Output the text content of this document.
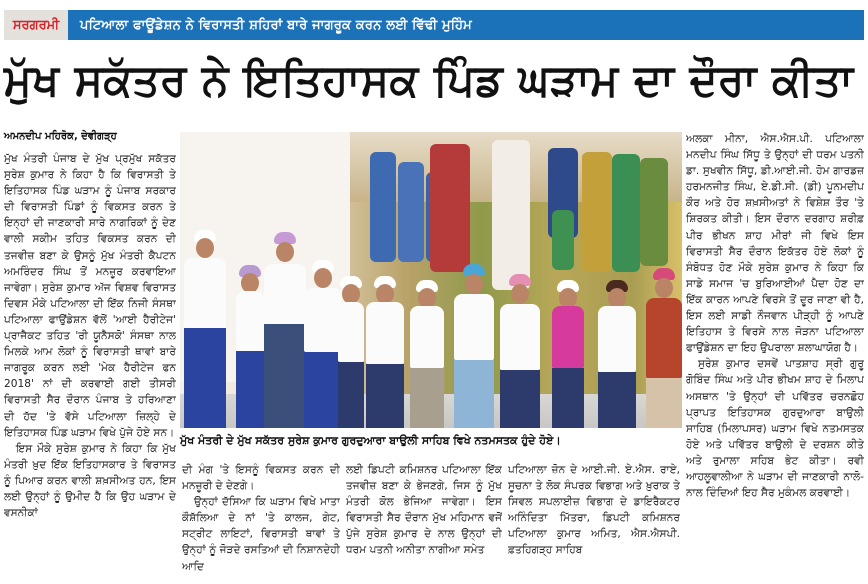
ਸਰਗਰਮੀ	ਪਟਿਆਲਾ ਫਾਊਂਡੇਸ਼ਨ ਨੇ ਵਿਰਾਸਤੀ ਸ਼ਹਿਰਾਂ ਬਾਰੇ ਜਾਗਰੂਕ ਕਰਨ ਲਈ ਵਿੱਢੀ ਮੁਹਿੰਮ
ਮੁੱਖ ਸਕੱਤਰ ਨੇ ਇਤਿਹਾਸਕ ਪਿੰਡ ਘੜਾਮ ਦਾ ਦੌਰਾ ਕੀਤਾ
ਅਮਨਦੀਪ ਮਹਿਰੋਕ, ਦੇਵੀਗੜ੍ਹ

ਮੁੱਖ ਮੰਤਰੀ ਪੰਜਾਬ ਦੇ ਮੁੱਖ ਪ੍ਰਮੁੱਖ ਸਕੱਤਰ ਸੁਰੇਸ਼ ਕੁਮਾਰ ਨੇ ਕਿਹਾ ਹੈ ਕਿ ਵਿਰਾਸਤੀ ਤੇ ਇਤਿਹਾਸਕ ਪਿੰਡ ਘੜਾਮ ਨੂੰ ਪੰਜਾਬ ਸਰਕਾਰ ਦੀ ਵਿਰਾਸਤੀ ਪਿੰਡਾਂ ਨੂੰ ਵਿਕਸਤ ਕਰਨ ਤੇ ਇਨ੍ਹਾਂ ਦੀ ਜਾਣਕਾਰੀ ਸਾਰੇ ਨਾਗਰਿਕਾਂ ਨੂੰ ਦੇਣ ਵਾਲੀ ਸਕੀਮ ਤਹਿਤ ਵਿਕਸਤ ਕਰਨ ਦੀ ਤਜਵੀਜ਼ ਬਣਾ ਕੇ ਉਸਨੂੰ ਮੁੱਖ ਮੰਤਰੀ ਕੈਪਟਨ ਅਮਰਿੰਦਰ ਸਿੰਘ ਤੋਂ ਮਨਜ਼ੂਰ ਕਰਵਾਇਆ ਜਾਵੇਗਾ। ਸੁਰੇਸ਼ ਕੁਮਾਰ ਅੱਜ ਵਿਸ਼ਵ ਵਿਰਾਸਤ ਦਿਵਸ ਮੌਕੇ ਪਟਿਆਲਾ ਦੀ ਇੱਕ ਨਿਜੀ ਸੰਸਥਾ ਪਟਿਆਲਾ ਫਾਉਂਡੇਸ਼ਨ ਵੱਲੋਂ 'ਆਈ ਹੈਰੀਟੇਜ' ਪ੍ਰਾਜੈਕਟ ਤਹਿਤ 'ਰੀ ਯੂਨੈਸਕੋ' ਸੰਸਥਾ ਨਾਲ ਮਿਲਕੇ ਆਮ ਲੋਕਾਂ ਨੂੰ ਵਿਰਾਸਤੀ ਥਾਵਾਂ ਬਾਰੇ ਜਾਗਰੂਕ ਕਰਨ ਲਈ 'ਮੇਕ ਹੈਰੀਟੇਜ ਫਨ 2018' ਨਾਂ ਦੀ ਕਰਵਾਈ ਗਈ ਤੀਸਰੀ ਵਿਰਾਸਤੀ ਸੈਰ ਦੌਰਾਨ ਪੰਜਾਬ ਤੇ ਹਰਿਆਣਾ ਦੀ ਹੱਦ 'ਤੇ ਵੱਸੇ ਪਟਿਆਲਾ ਜ਼ਿਲ੍ਹੇ ਦੇ ਇਤਿਹਾਸਕ ਪਿੰਡ ਘੜਾਮ ਵਿਖੇ ਪੁੱਜੇ ਹੋਏ ਸਨ।

ਇਸ ਮੌਕੇ ਸੁਰੇਸ਼ ਕੁਮਾਰ ਨੇ ਕਿਹਾ ਕਿ ਮੁੱਖ ਮੰਤਰੀ ਖ਼ੁਦ ਇੱਕ ਇਤਿਹਾਸਕਾਰ ਤੇ ਵਿਰਾਸਤ ਨੂੰ ਪਿਆਰ ਕਰਨ ਵਾਲੀ ਸ਼ਖ਼ਸੀਅਤ ਹਨ, ਇਸ ਲਈ ਉਨ੍ਹਾਂ ਨੂੰ ਉਮੀਦ ਹੈ ਕਿ ਉਹ ਘੜਾਮ ਦੇ ਵਸਨੀਕਾਂ

ਮੁੱਖ ਮੰਤਰੀ ਦੇ ਮੁੱਖ ਸਕੱਤਰ ਸੁਰੇਸ਼ ਕੁਮਾਰ ਗੁਰਦੁਆਰਾ ਬਾਉਲੀ ਸਾਹਿਬ ਵਿਖੇ ਨਤਮਸਤਕ ਹੁੰਦੇ ਹੋਏ।

ਦੀ ਮੰਗ 'ਤੇ ਇਸਨੂੰ ਵਿਕਸਤ ਕਰਨ ਦੀ ਮਨਜ਼ੂਰੀ ਦੇ ਦੇਣਗੇ।

ਉਨ੍ਹਾਂ ਦੱਸਿਆ ਕਿ ਘੜਾਮ ਵਿਖੇ ਮਾਤਾ ਕੌਸ਼ੱਲਿਆ ਦੇ ਨਾਂ 'ਤੇ ਕਾਲਜ, ਗੇਟ, ਸਟ੍ਰੀਟ ਲਾਇਟਾਂ, ਵਿਰਾਸਤੀ ਥਾਵਾਂ ਤੇ ਉਨ੍ਹਾਂ ਨੂੰ ਜੋੜਦੇ ਰਸਤਿਆਂ ਦੀ ਨਿਸ਼ਾਨਦੇਹੀ ਆਦਿ

ਲਈ ਡਿਪਟੀ ਕਮਿਸ਼ਨਰ ਪਟਿਆਲਾ ਇੱਕ ਤਜਵੀਜ਼ ਬਣਾ ਕੇ ਭੇਜਣਗੇ, ਜਿਸ ਨੂੰ ਮੁੱਖ ਮੰਤਰੀ ਕੋਲ ਭੇਜਿਆ ਜਾਵੇਗਾ। ਇਸ ਵਿਰਾਸਤੀ ਸੈਰ ਦੌਰਾਨ ਮੁੱਖ ਮਹਿਮਾਨ ਵਜੋਂ ਪੁੱਜੇ ਸੁਰੇਸ਼ ਕੁਮਾਰ ਦੇ ਨਾਲ ਉਨ੍ਹਾਂ ਦੀ ਧਰਮ ਪਤਨੀ ਅਨੀਤਾ ਨਾਗੀਆ ਸਮੇਤ

ਪਟਿਆਲਾ ਜ਼ੋਨ ਦੇ ਆਈ.ਜੀ. ਏ.ਐਸ. ਰਾਏ, ਸੂਚਨਾ ਤੇ ਲੋਕ ਸੰਪਰਕ ਵਿਭਾਗ ਅਤੇ ਖ਼ੁਰਾਕ ਤੇ ਸਿਵਲ ਸਪਲਾਈਜ਼ ਵਿਭਾਗ ਦੇ ਡਾਇਰੈਕਟਰ ਅਨਿੰਦਿਤਾ ਮਿੱਤਰਾ, ਡਿਪਟੀ ਕਮਿਸ਼ਨਰ ਪਟਿਆਲਾ ਕੁਮਾਰ ਅਮਿਤ, ਐਸ.ਐਸਪੀ. ਫ਼ਤਹਿਗੜ੍ਹ ਸਾਹਿਬ

ਅਲਕਾ ਮੀਨਾ, ਐਸ.ਐਸ.ਪੀ. ਪਟਿਆਲਾ ਮਨਦੀਪ ਸਿੰਘ ਸਿੱਧੂ ਤੇ ਉਨ੍ਹਾਂ ਦੀ ਧਰਮ ਪਤਨੀ ਡਾ. ਸੁਖਵੀਨ ਸਿੱਧੂ, ਡੀ.ਆਈ.ਜੀ. ਹੋਮ ਗਾਰਡਜ਼ ਹਰਮਨਜੀਤ ਸਿੰਘ, ਏ.ਡੀ.ਸੀ. (ਡੀ) ਪੂਨਮਦੀਪ ਕੌਰ ਅਤੇ ਹੋਰ ਸ਼ਖ਼ਸੀਅਤਾਂ ਨੇ ਵਿਸ਼ੇਸ਼ ਤੌਰ 'ਤੇ ਸ਼ਿਰਕਤ ਕੀਤੀ। ਇਸ ਦੌਰਾਨ ਦਰਗਾਹ ਸ਼ਰੀਫ਼ ਪੀਰ ਭੀਖਨ ਸ਼ਾਹ ਮੀਰਾਂ ਜੀ ਵਿਖੇ ਇਸ ਵਿਰਾਸਤੀ ਸੈਰ ਦੌਰਾਨ ਇਕੱਤਰ ਹੋਏ ਲੋਕਾਂ ਨੂੰ ਸੰਬੋਧਤ ਹੋਣ ਮੌਕੇ ਸੁਰੇਸ਼ ਕੁਮਾਰ ਨੇ ਕਿਹਾ ਕਿ ਸਾਡੇ ਸਮਾਜ 'ਚ ਬੁਰਿਆਈਆਂ ਪੈਦਾ ਹੋਣ ਦਾ ਇੱਕ ਕਾਰਨ ਆਪਣੇ ਵਿਰਸੇ ਤੋਂ ਦੂਰ ਜਾਣਾ ਵੀ ਹੈ, ਇਸ ਲਈ ਸਾਡੀ ਨੌਜਵਾਨ ਪੀੜ੍ਹੀ ਨੂੰ ਆਪਣੇ ਇਤਿਹਾਸ ਤੇ ਵਿਰਸੇ ਨਾਲ ਜੋੜਨਾ ਪਟਿਆਲਾ ਫਾਉਂਡੇਸ਼ਨ ਦਾ ਇਹ ਉਪਰਾਲਾ ਸ਼ਲਾਘਾਯੋਗ ਹੈ।

ਸੁਰੇਸ਼ ਕੁਮਾਰ ਦਸਵੇਂ ਪਾਤਸ਼ਾਹ ਸ੍ਰੀ ਗੁਰੂ ਗੋਬਿੰਦ ਸਿੰਘ ਅਤੇ ਪੀਰ ਭੀਖਮ ਸ਼ਾਹ ਦੇ ਮਿਲਾਪ ਅਸਥਾਨ 'ਤੇ ਉਨ੍ਹਾਂ ਦੀ ਪਵਿੱਤਰ ਚਰਨਛੋਹ ਪ੍ਰਾਪਤ ਇਤਿਹਾਸਕ ਗੁਰਦੁਆਰਾ ਬਾਉਲੀ ਸਾਹਿਬ (ਮਿਲਾਪਸਰ) ਘੜਾਮ ਵਿਖੇ ਨਤਮਸਤਕ ਹੋਏ ਅਤੇ ਪਵਿੱਤਰ ਬਾਉਲੀ ਦੇ ਦਰਸ਼ਨ ਕੀਤੇ ਅਤੇ ਰੁਮਾਲਾ ਸਹਿਬ ਭੇਟ ਕੀਤਾ। ਰਵੀ ਆਹਲੂਵਾਲੀਆ ਨੇ ਘੜਾਮ ਦੀ ਜਾਣਕਾਰੀ ਨਾਲੋ-ਨਾਲ ਦਿੰਦਿਆਂ ਇਹ ਸੈਰ ਮੁਕੰਮਲ ਕਰਵਾਈ।
